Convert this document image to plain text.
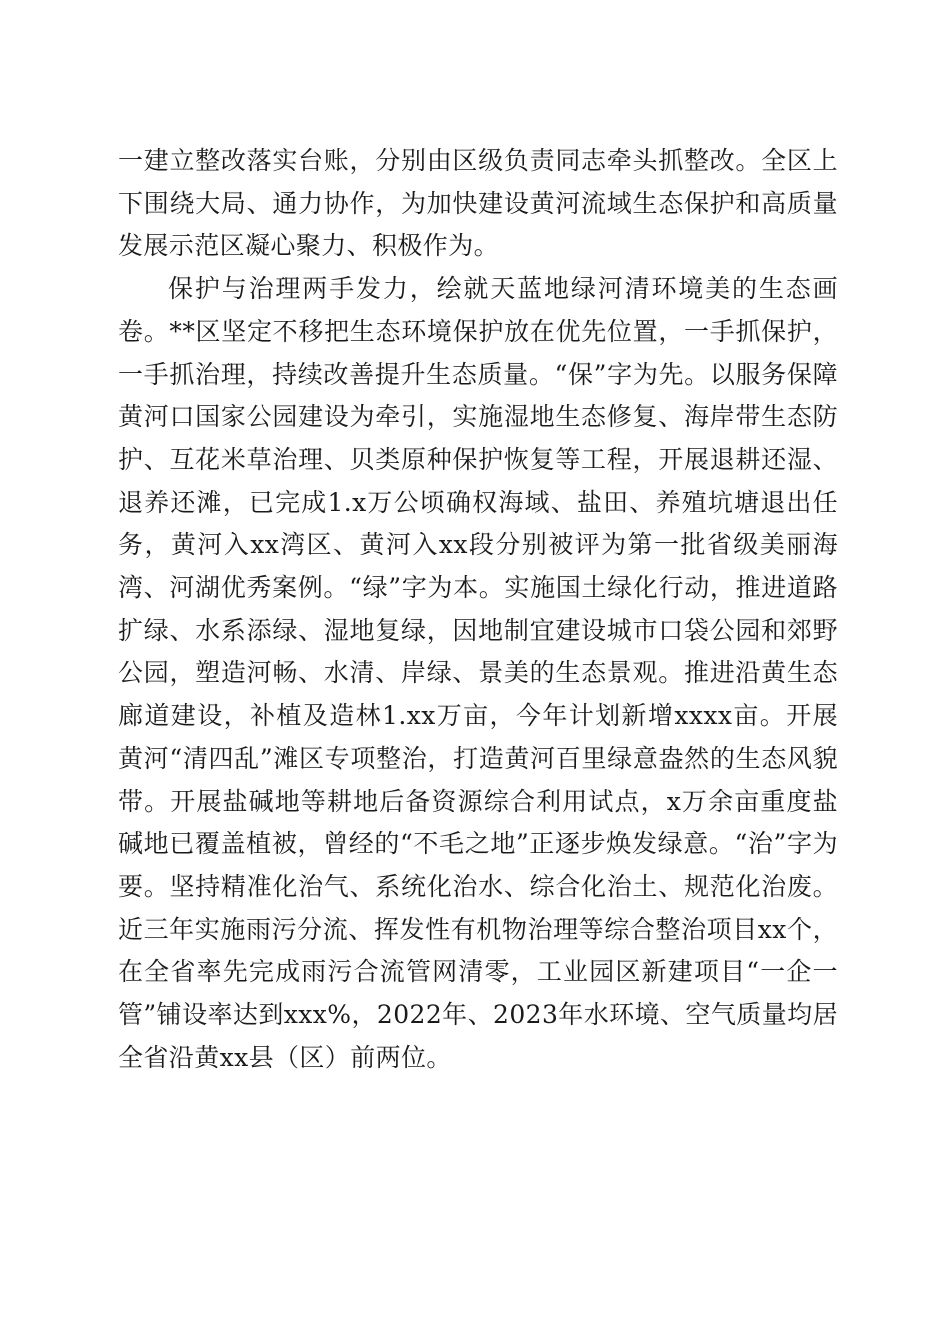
一建立整改落实台账，分别由区级负责同志牵头抓整改。全区上下围绕大局、通力协作，为加快建设黄河流域生态保护和高质量发展示范区凝心聚力、积极作为。

保护与治理两手发力，绘就天蓝地绿河清环境美的生态画卷。**区坚定不移把生态环境保护放在优先位置，一手抓保护，一手抓治理，持续改善提升生态质量。“保”字为先。以服务保障黄河口国家公园建设为牵引，实施湿地生态修复、海岸带生态防护、互花米草治理、贝类原种保护恢复等工程，开展退耕还湿、退养还滩，已完成1.x万公顷确权海域、盐田、养殖坑塘退出任务，黄河入xx湾区、黄河入xx段分别被评为第一批省级美丽海湾、河湖优秀案例。“绿”字为本。实施国土绿化行动，推进道路扩绿、水系添绿、湿地复绿，因地制宜建设城市口袋公园和郊野公园，塑造河畅、水清、岸绿、景美的生态景观。推进沿黄生态廊道建设，补植及造林1.xx万亩，今年计划新增xxxx亩。开展黄河“清四乱”滩区专项整治，打造黄河百里绿意盎然的生态风貌带。开展盐碱地等耕地后备资源综合利用试点，x万余亩重度盐碱地已覆盖植被，曾经的“不毛之地”正逐步焕发绿意。“治”字为要。坚持精准化治气、系统化治水、综合化治土、规范化治废。近三年实施雨污分流、挥发性有机物治理等综合整治项目xx个，在全省率先完成雨污合流管网清零，工业园区新建项目“一企一管”铺设率达到xxx%，2022年、2023年水环境、空气质量均居全省沿黄xx县（区）前两位。
